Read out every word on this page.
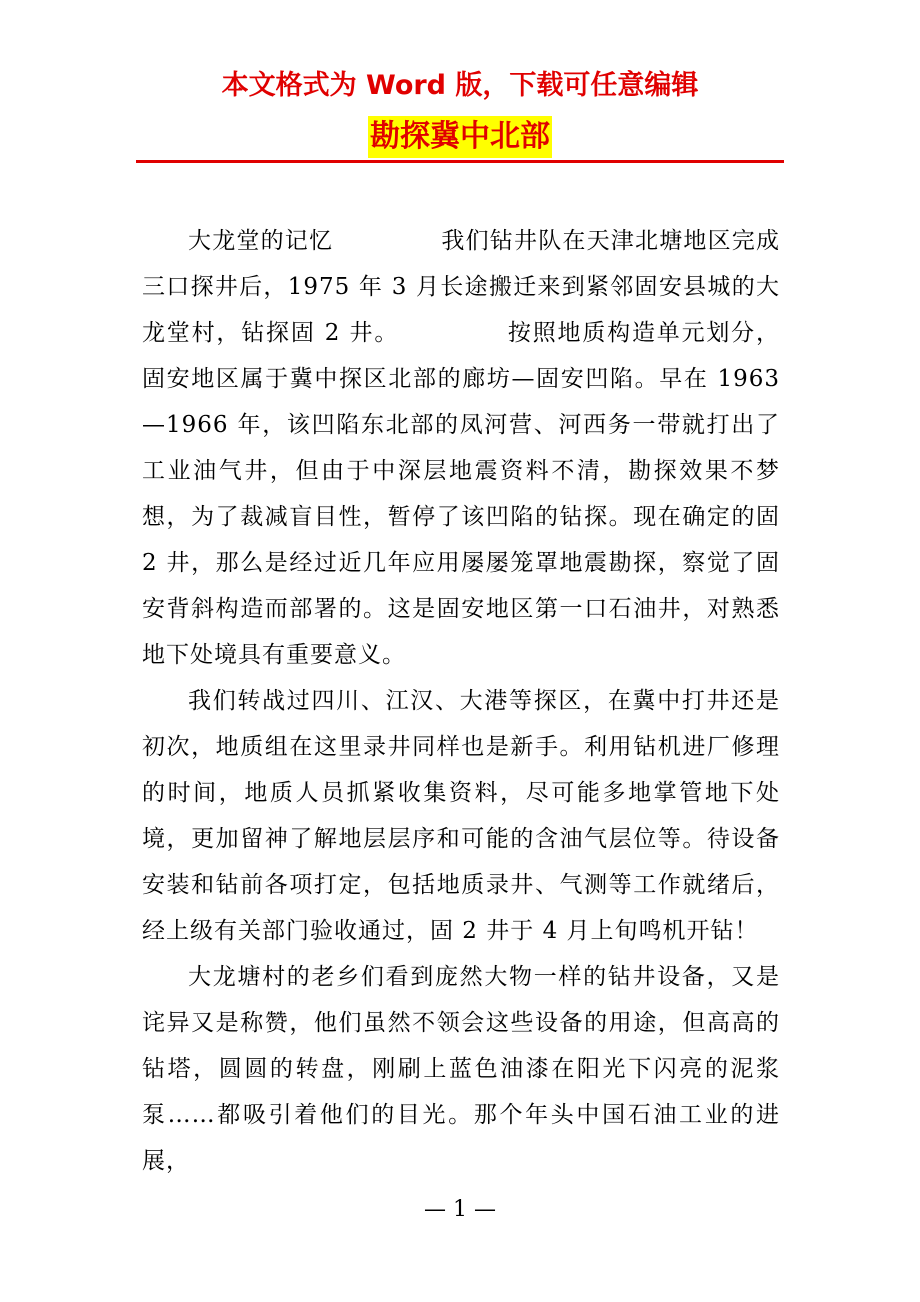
本文格式为 Word 版，下载可任意编辑
勘探冀中北部

大龙堂的记忆	我们钻井队在天津北塘地区完成三口探井后，1975 年 3 月长途搬迁来到紧邻固安县城的大龙堂村，钻探固 2 井。	按照地质构造单元划分，固安地区属于冀中探区北部的廊坊—固安凹陷。早在 1963—1966 年，该凹陷东北部的凤河营、河西务一带就打出了工业油气井，但由于中深层地震资料不清，勘探效果不梦想，为了裁减盲目性，暂停了该凹陷的钻探。现在确定的固 2 井，那么是经过近几年应用屡屡笼罩地震勘探，察觉了固安背斜构造而部署的。这是固安地区第一口石油井，对熟悉地下处境具有重要意义。

我们转战过四川、江汉、大港等探区，在冀中打井还是初次，地质组在这里录井同样也是新手。利用钻机进厂修理的时间，地质人员抓紧收集资料，尽可能多地掌管地下处境，更加留神了解地层层序和可能的含油气层位等。待设备安装和钻前各项打定，包括地质录井、气测等工作就绪后，经上级有关部门验收通过，固 2 井于 4 月上旬鸣机开钻！

大龙塘村的老乡们看到庞然大物一样的钻井设备，又是诧异又是称赞，他们虽然不领会这些设备的用途，但高高的钻塔，圆圆的转盘，刚刷上蓝色油漆在阳光下闪亮的泥浆泵……都吸引着他们的目光。那个年头中国石油工业的进展，

— 1 —
